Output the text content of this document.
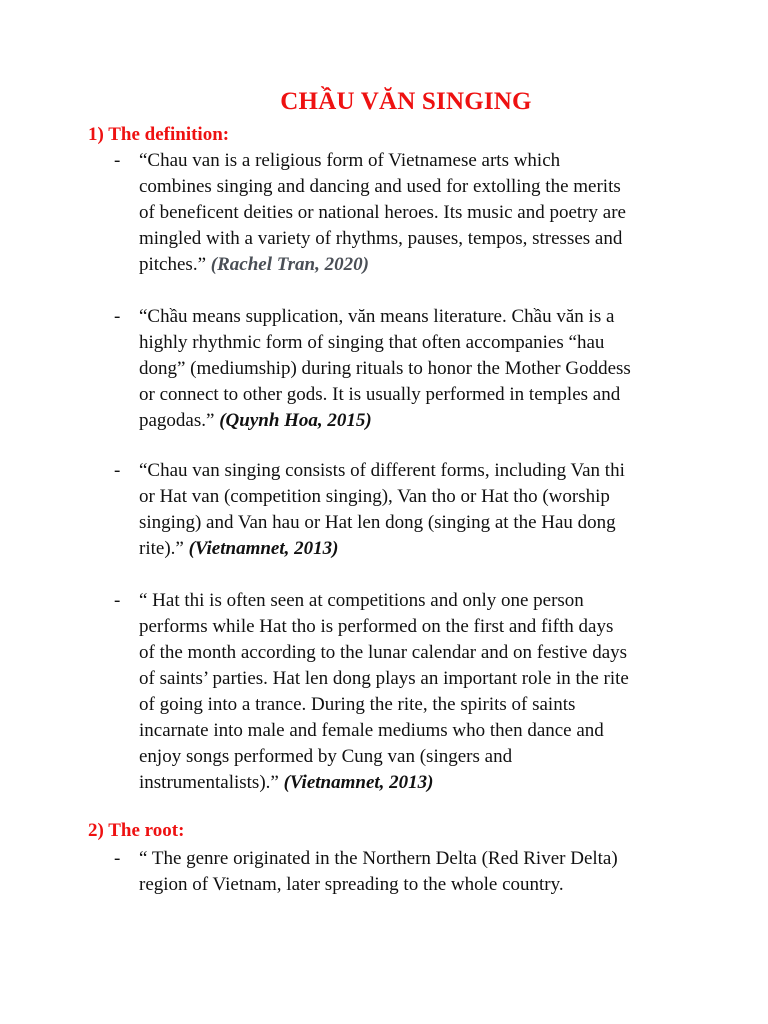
CHẦU VĂN SINGING
1) The definition:
- “Chau van is a religious form of Vietnamese arts which
combines singing and dancing and used for extolling the merits
of beneficent deities or national heroes. Its music and poetry are
mingled with a variety of rhythms, pauses, tempos, stresses and
pitches.” (Rachel Tran, 2020)
- “Chầu means supplication, văn means literature. Chầu văn is a
highly rhythmic form of singing that often accompanies “hau
dong” (mediumship) during rituals to honor the Mother Goddess
or connect to other gods. It is usually performed in temples and
pagodas.” (Quynh Hoa, 2015)
- “Chau van singing consists of different forms, including Van thi
or Hat van (competition singing), Van tho or Hat tho (worship
singing) and Van hau or Hat len dong (singing at the Hau dong
rite).” (Vietnamnet, 2013)
- “ Hat thi is often seen at competitions and only one person
performs while Hat tho is performed on the first and fifth days
of the month according to the lunar calendar and on festive days
of saints’ parties. Hat len dong plays an important role in the rite
of going into a trance. During the rite, the spirits of saints
incarnate into male and female mediums who then dance and
enjoy songs performed by Cung van (singers and
instrumentalists).” (Vietnamnet, 2013)
2) The root:
- “ The genre originated in the Northern Delta (Red River Delta)
region of Vietnam, later spreading to the whole country.
